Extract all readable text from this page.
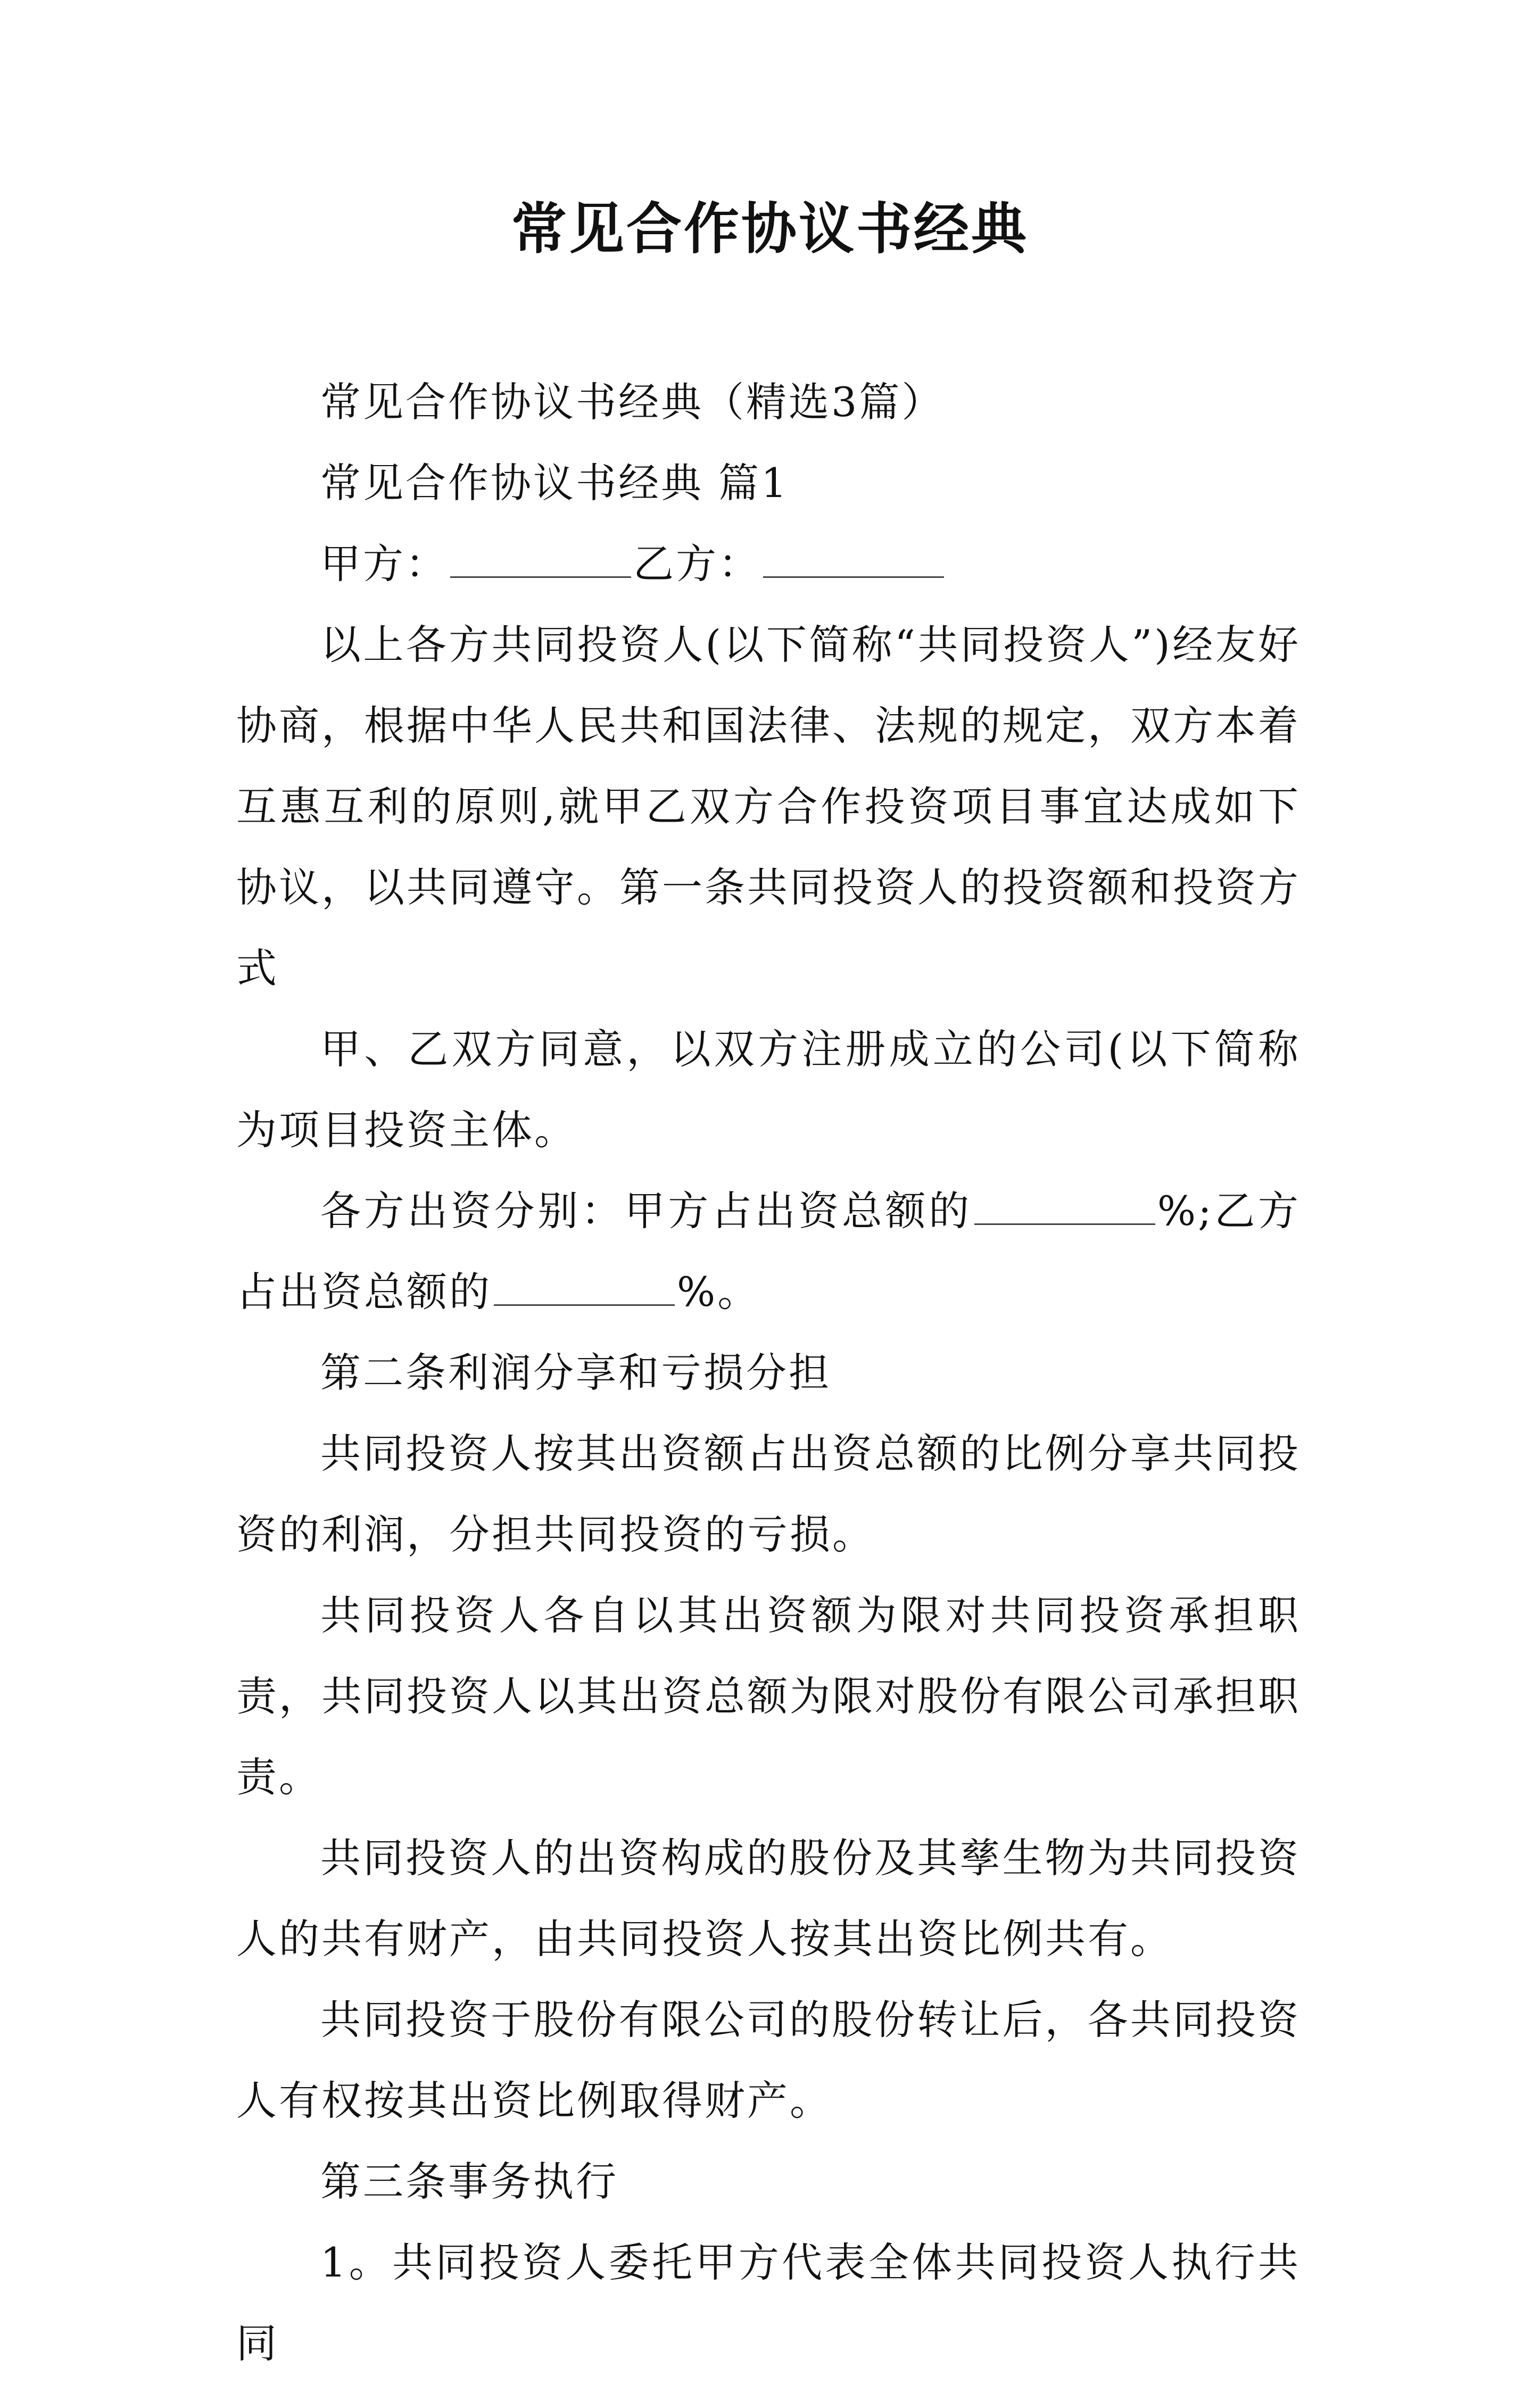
常见合作协议书经典

常见合作协议书经典（精选3篇）

常见合作协议书经典 篇1

甲方：	乙方：

以上各方共同投资人(以下简称“共同投资人”)经友好协商，根据中华人民共和国法律、法规的规定，双方本着互惠互利的原则,就甲乙双方合作投资项目事宜达成如下协议，以共同遵守。第一条共同投资人的投资额和投资方式

甲、乙双方同意，以双方注册成立的公司(以下简称为项目投资主体。

各方出资分别：甲方占出资总额的	%;乙方占出资总额的	%。

第二条利润分享和亏损分担

共同投资人按其出资额占出资总额的比例分享共同投资的利润，分担共同投资的亏损。

共同投资人各自以其出资额为限对共同投资承担职责，共同投资人以其出资总额为限对股份有限公司承担职责。

共同投资人的出资构成的股份及其孳生物为共同投资人的共有财产，由共同投资人按其出资比例共有。

共同投资于股份有限公司的股份转让后，各共同投资人有权按其出资比例取得财产。

第三条事务执行

1。共同投资人委托甲方代表全体共同投资人执行共同
